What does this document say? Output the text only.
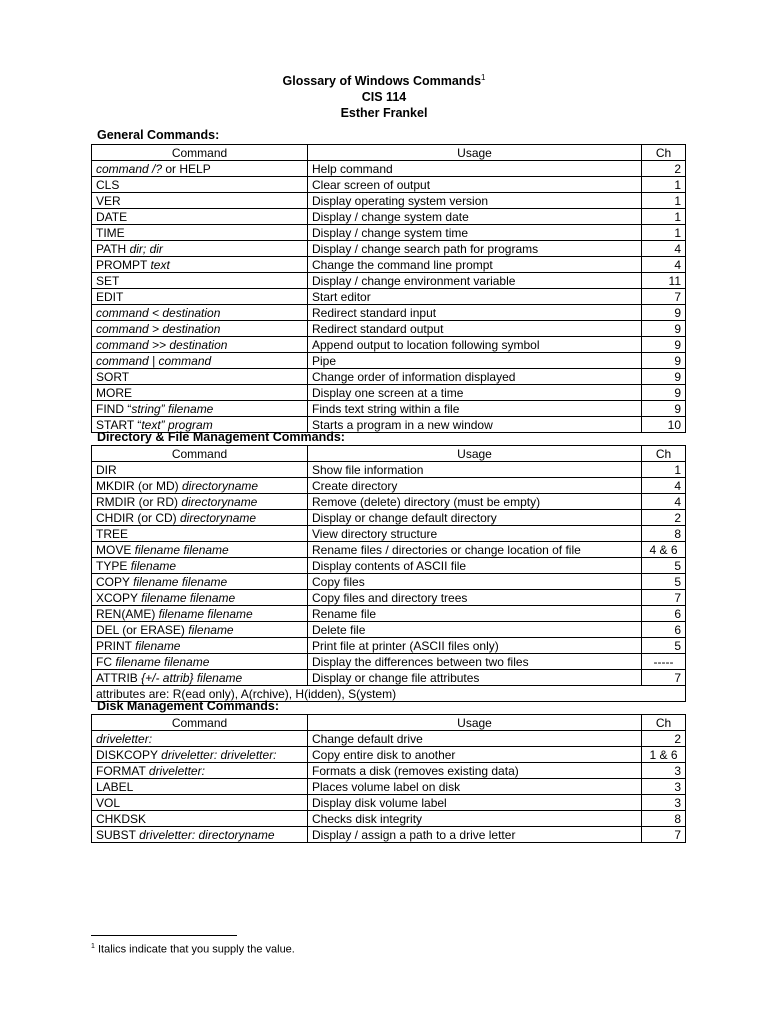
Glossary of Windows Commands$^1$
CIS 114
Esther Frankel
General Commands:
Command	Usage	Ch
command /? or HELP	Help command	2
CLS	Clear screen of output	1
VER	Display operating system version	1
DATE	Display / change system date	1
TIME	Display / change system time	1
PATH dir; dir	Display / change search path for programs	4
PROMPT text	Change the command line prompt	4
SET	Display / change environment variable	11
EDIT	Start editor	7
command < destination	Redirect standard input	9
command > destination	Redirect standard output	9
command >> destination	Append output to location following symbol	9
command | command	Pipe	9
SORT	Change order of information displayed	9
MORE	Display one screen at a time	9
FIND “string” filename	Finds text string within a file	9
START “text” program	Starts a program in a new window	10
Directory & File Management Commands:
Command	Usage	Ch
DIR	Show file information	1
MKDIR (or MD) directoryname	Create directory	4
RMDIR (or RD) directoryname	Remove (delete) directory (must be empty)	4
CHDIR (or CD) directoryname	Display or change default directory	2
TREE	View directory structure	8
MOVE filename filename	Rename files / directories or change location of file	4 & 6
TYPE filename	Display contents of ASCII file	5
COPY filename filename	Copy files	5
XCOPY filename filename	Copy files and directory trees	7
REN(AME) filename filename	Rename file	6
DEL (or ERASE) filename	Delete file	6
PRINT filename	Print file at printer (ASCII files only)	5
FC filename filename	Display the differences between two files	-----
ATTRIB {+/- attrib} filename	Display or change file attributes	7
attributes are: R(ead only), A(rchive), H(idden), S(ystem)		
Disk Management Commands:
Command	Usage	Ch
driveletter:	Change default drive	2
DISKCOPY driveletter: driveletter:	Copy entire disk to another	1 & 6
FORMAT driveletter:	Formats a disk (removes existing data)	3
LABEL	Places volume label on disk	3
VOL	Display disk volume label	3
CHKDSK	Checks disk integrity	8
SUBST driveletter: directoryname	Display / assign a path to a drive letter	7
$^1$ Italics indicate that you supply the value.
